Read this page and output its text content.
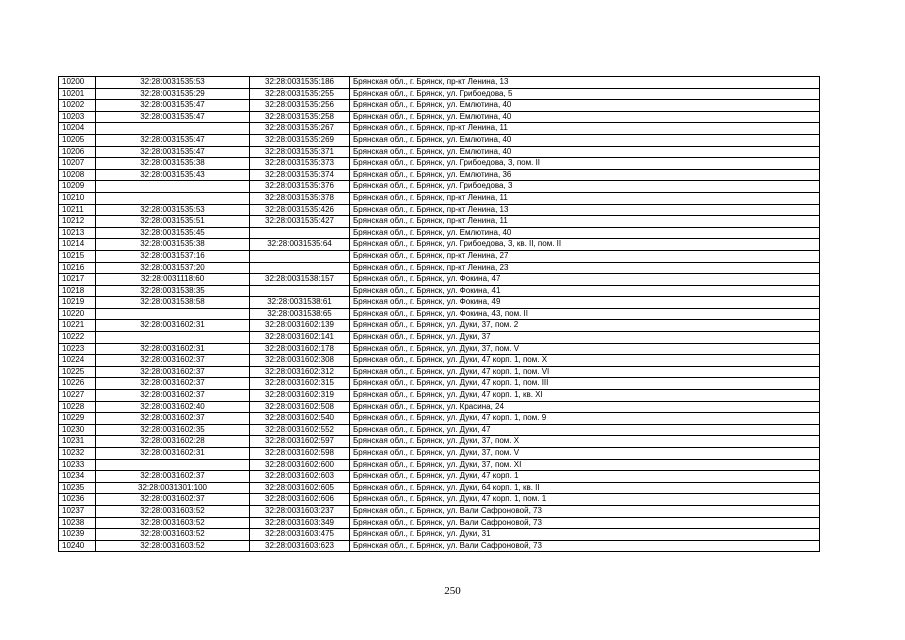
10200	32:28:0031535:53	32:28:0031535:186	Брянская обл., г. Брянск, пр-кт Ленина, 13
10201	32:28:0031535:29	32:28:0031535:255	Брянская обл., г. Брянск, ул. Грибоедова, 5
10202	32:28:0031535:47	32:28:0031535:256	Брянская обл., г. Брянск, ул. Емлютина, 40
10203	32:28:0031535:47	32:28:0031535:258	Брянская обл., г. Брянск, ул. Емлютина, 40
10204		32:28:0031535:267	Брянская обл., г. Брянск, пр-кт Ленина, 11
10205	32:28:0031535:47	32:28:0031535:269	Брянская обл., г. Брянск, ул. Емлютина, 40
10206	32:28:0031535:47	32:28:0031535:371	Брянская обл., г. Брянск, ул. Емлютина, 40
10207	32:28:0031535:38	32:28:0031535:373	Брянская обл., г. Брянск, ул. Грибоедова, 3, пом. II
10208	32:28:0031535:43	32:28:0031535:374	Брянская обл., г. Брянск, ул. Емлютина, 36
10209		32:28:0031535:376	Брянская обл., г. Брянск, ул. Грибоедова, 3
10210		32:28:0031535:378	Брянская обл., г. Брянск, пр-кт Ленина, 11
10211	32:28:0031535:53	32:28:0031535:426	Брянская обл., г. Брянск, пр-кт Ленина, 13
10212	32:28:0031535:51	32:28:0031535:427	Брянская обл., г. Брянск, пр-кт Ленина, 11
10213	32:28:0031535:45		Брянская обл., г. Брянск, ул. Емлютина, 40
10214	32:28:0031535:38	32:28:0031535:64	Брянская обл., г. Брянск, ул. Грибоедова, 3, кв. II, пом. II
10215	32:28:0031537:16		Брянская обл., г. Брянск, пр-кт Ленина, 27
10216	32:28:0031537:20		Брянская обл., г. Брянск, пр-кт Ленина, 23
10217	32:28:0031118:60	32:28:0031538:157	Брянская обл., г. Брянск, ул. Фокина, 47
10218	32:28:0031538:35		Брянская обл., г. Брянск, ул. Фокина, 41
10219	32:28:0031538:58	32:28:0031538:61	Брянская обл., г. Брянск, ул. Фокина, 49
10220		32:28:0031538:65	Брянская обл., г. Брянск, ул. Фокина, 43, пом. II
10221	32:28:0031602:31	32:28:0031602:139	Брянская обл., г. Брянск, ул. Дуки, 37, пом. 2
10222		32:28:0031602:141	Брянская обл., г. Брянск, ул. Дуки, 37
10223	32:28:0031602:31	32:28:0031602:178	Брянская обл., г. Брянск, ул. Дуки, 37, пом. V
10224	32:28:0031602:37	32:28:0031602:308	Брянская обл., г. Брянск, ул. Дуки, 47 корп. 1, пом. X
10225	32:28:0031602:37	32:28:0031602:312	Брянская обл., г. Брянск, ул. Дуки, 47 корп. 1, пом. VI
10226	32:28:0031602:37	32:28:0031602:315	Брянская обл., г. Брянск, ул. Дуки, 47 корп. 1, пом. III
10227	32:28:0031602:37	32:28:0031602:319	Брянская обл., г. Брянск, ул. Дуки, 47 корп. 1, кв. XI
10228	32:28:0031602:40	32:28:0031602:508	Брянская обл., г. Брянск, ул. Красина, 24
10229	32:28:0031602:37	32:28:0031602:540	Брянская обл., г. Брянск, ул. Дуки, 47 корп. 1, пом. 9
10230	32:28:0031602:35	32:28:0031602:552	Брянская обл., г. Брянск, ул. Дуки, 47
10231	32:28:0031602:28	32:28:0031602:597	Брянская обл., г. Брянск, ул. Дуки, 37, пом. X
10232	32:28:0031602:31	32:28:0031602:598	Брянская обл., г. Брянск, ул. Дуки, 37, пом. V
10233		32:28:0031602:600	Брянская обл., г. Брянск, ул. Дуки, 37, пом. XI
10234	32:28:0031602:37	32:28:0031602:603	Брянская обл., г. Брянск, ул. Дуки, 47 корп. 1
10235	32:28:0031301:100	32:28:0031602:605	Брянская обл., г. Брянск, ул. Дуки, 64 корп. 1, кв. II
10236	32:28:0031602:37	32:28:0031602:606	Брянская обл., г. Брянск, ул. Дуки, 47 корп. 1, пом. 1
10237	32:28:0031603:52	32:28:0031603:237	Брянская обл., г. Брянск, ул. Вали Сафроновой, 73
10238	32:28:0031603:52	32:28:0031603:349	Брянская обл., г. Брянск, ул. Вали Сафроновой, 73
10239	32:28:0031603:52	32:28:0031603:475	Брянская обл., г. Брянск, ул. Дуки, 31
10240	32:28:0031603:52	32:28:0031603:623	Брянская обл., г. Брянск, ул. Вали Сафроновой, 73
250
